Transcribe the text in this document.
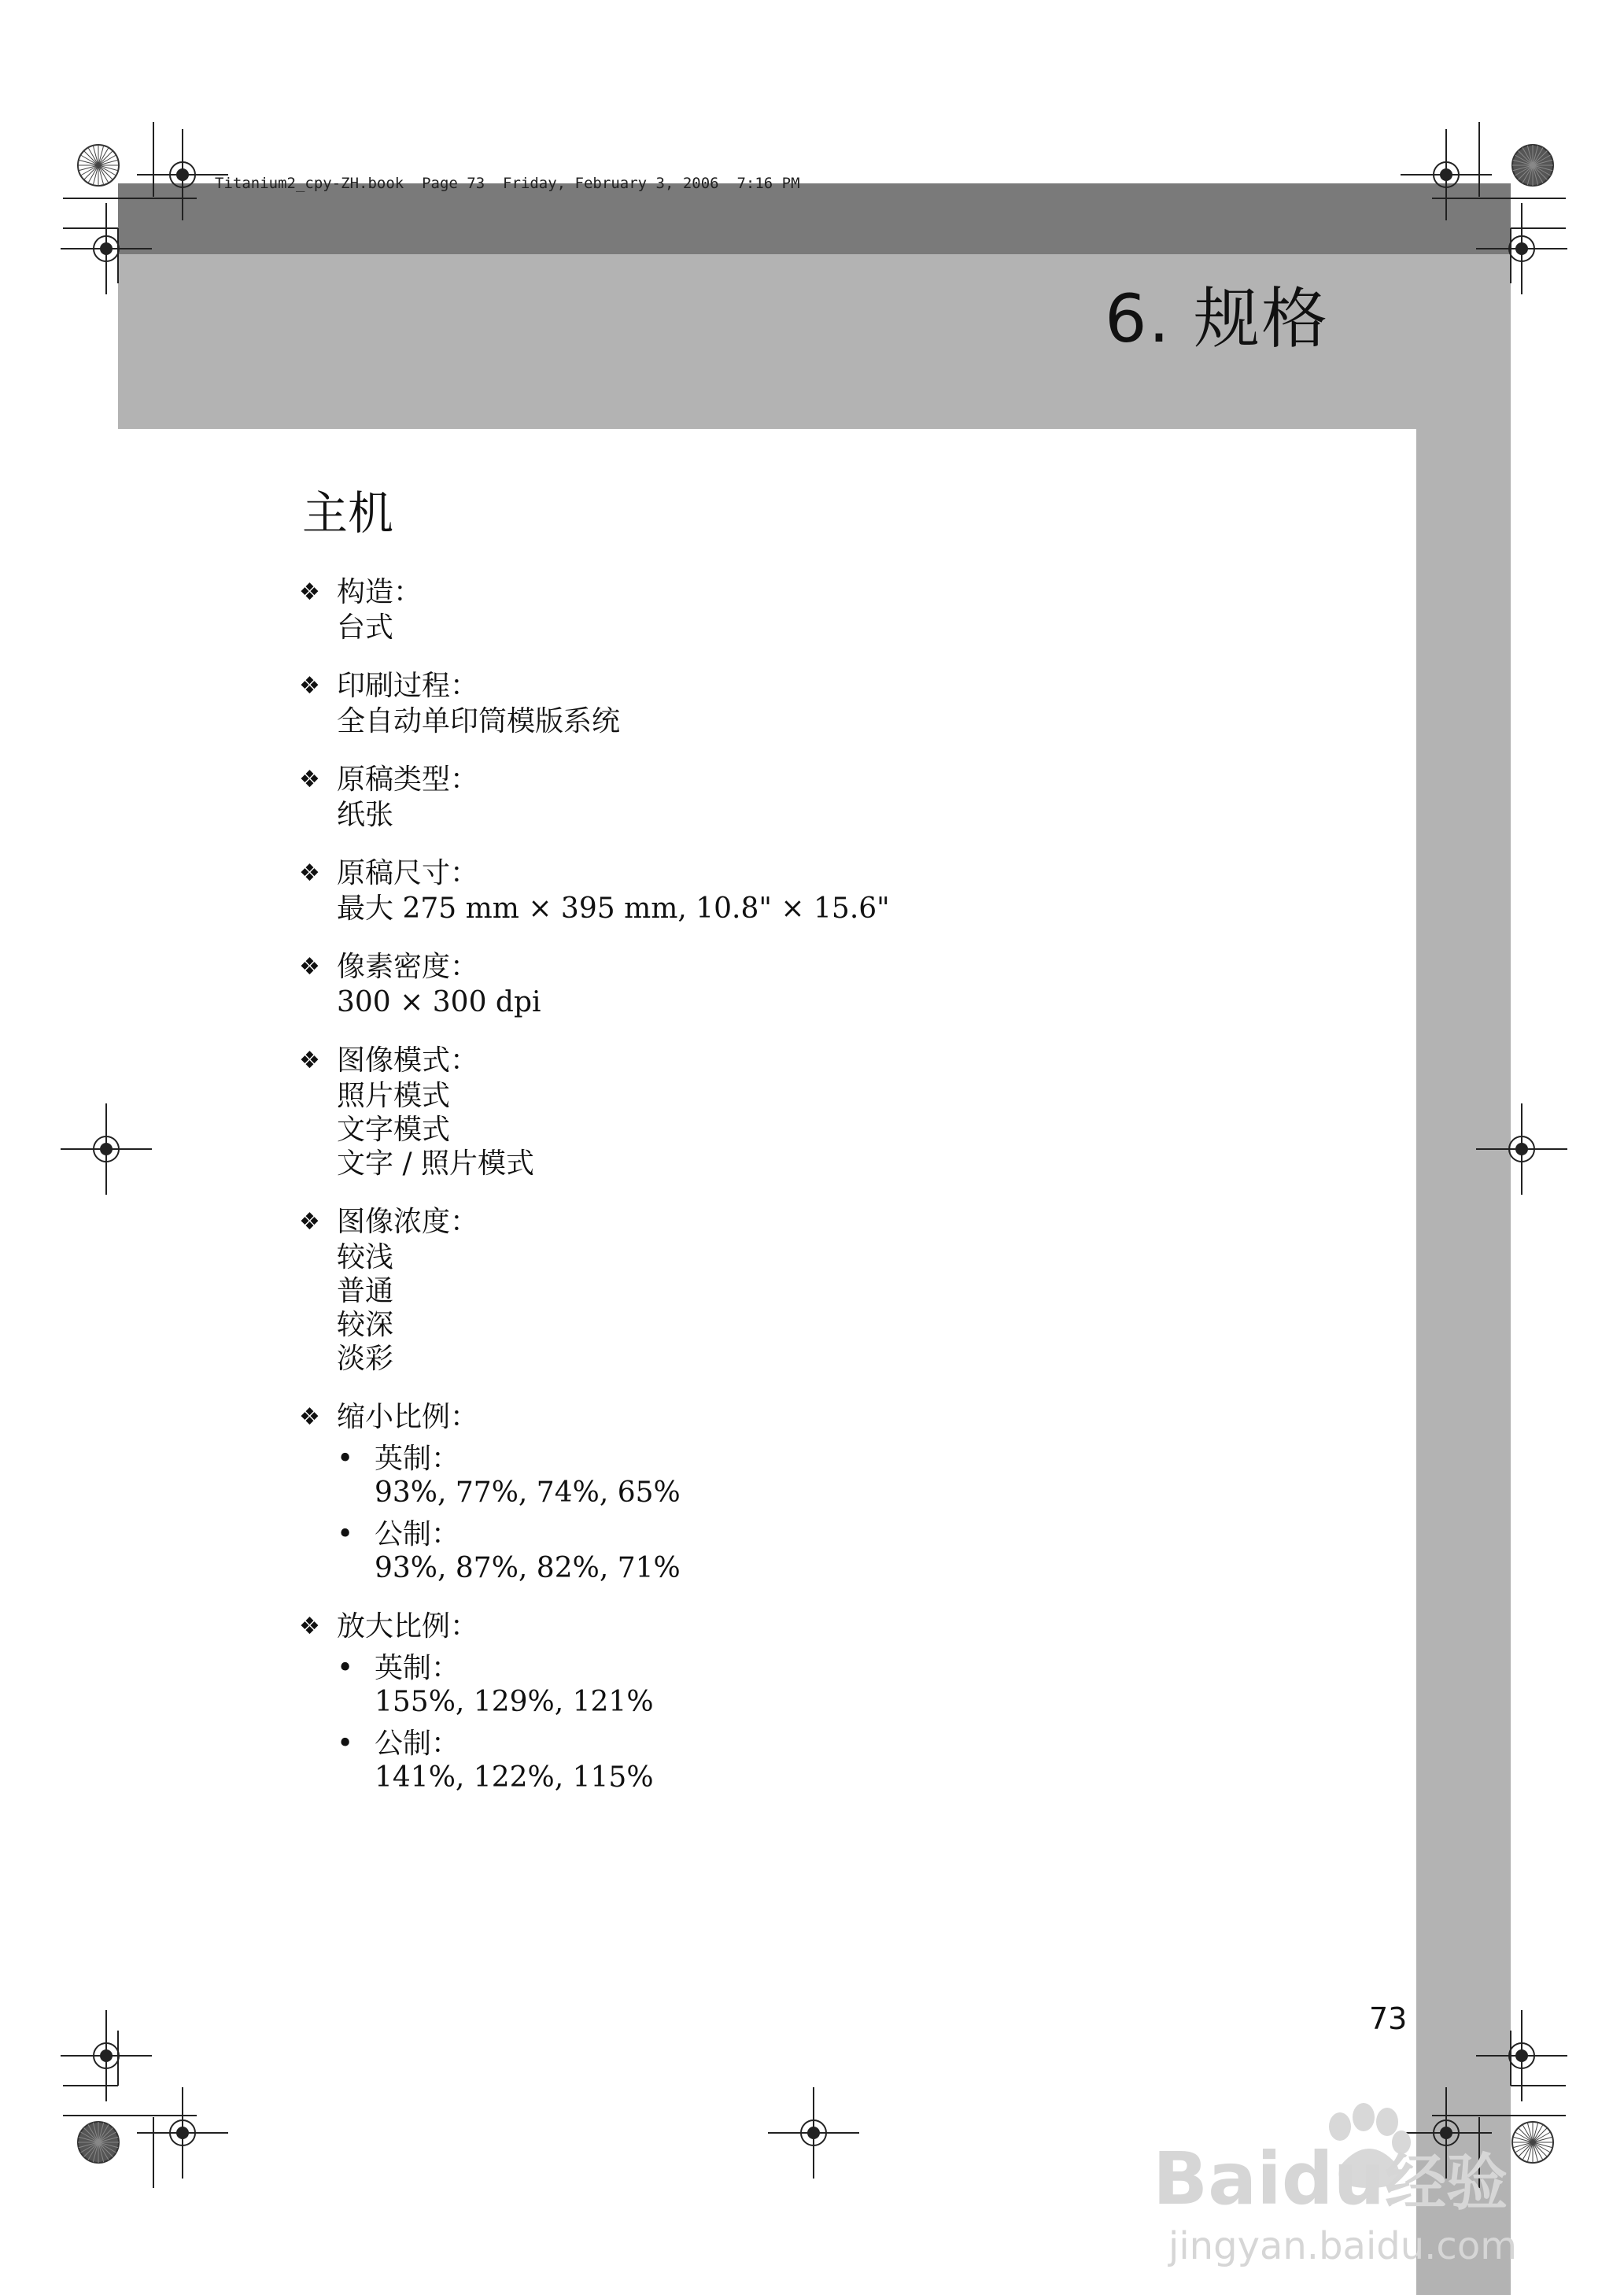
Titanium2_cpy-ZH.book  Page 73  Friday, February 3, 2006  7:16 PM
6. 规格
主机
❖ 构造：
台式
❖ 印刷过程：
全自动单印筒模版系统
❖ 原稿类型：
纸张
❖ 原稿尺寸：
最大 275 mm × 395 mm, 10.8" × 15.6"
❖ 像素密度：
300 × 300 dpi
❖ 图像模式：
照片模式
文字模式
文字 / 照片模式
❖ 图像浓度：
较浅
普通
较深
淡彩
❖ 缩小比例：
• 英制：
93%, 77%, 74%, 65%
• 公制：
93%, 87%, 82%, 71%
❖ 放大比例：
• 英制：
155%, 129%, 121%
• 公制：
141%, 122%, 115%
73
Baidu经验
jingyan.baidu.com
